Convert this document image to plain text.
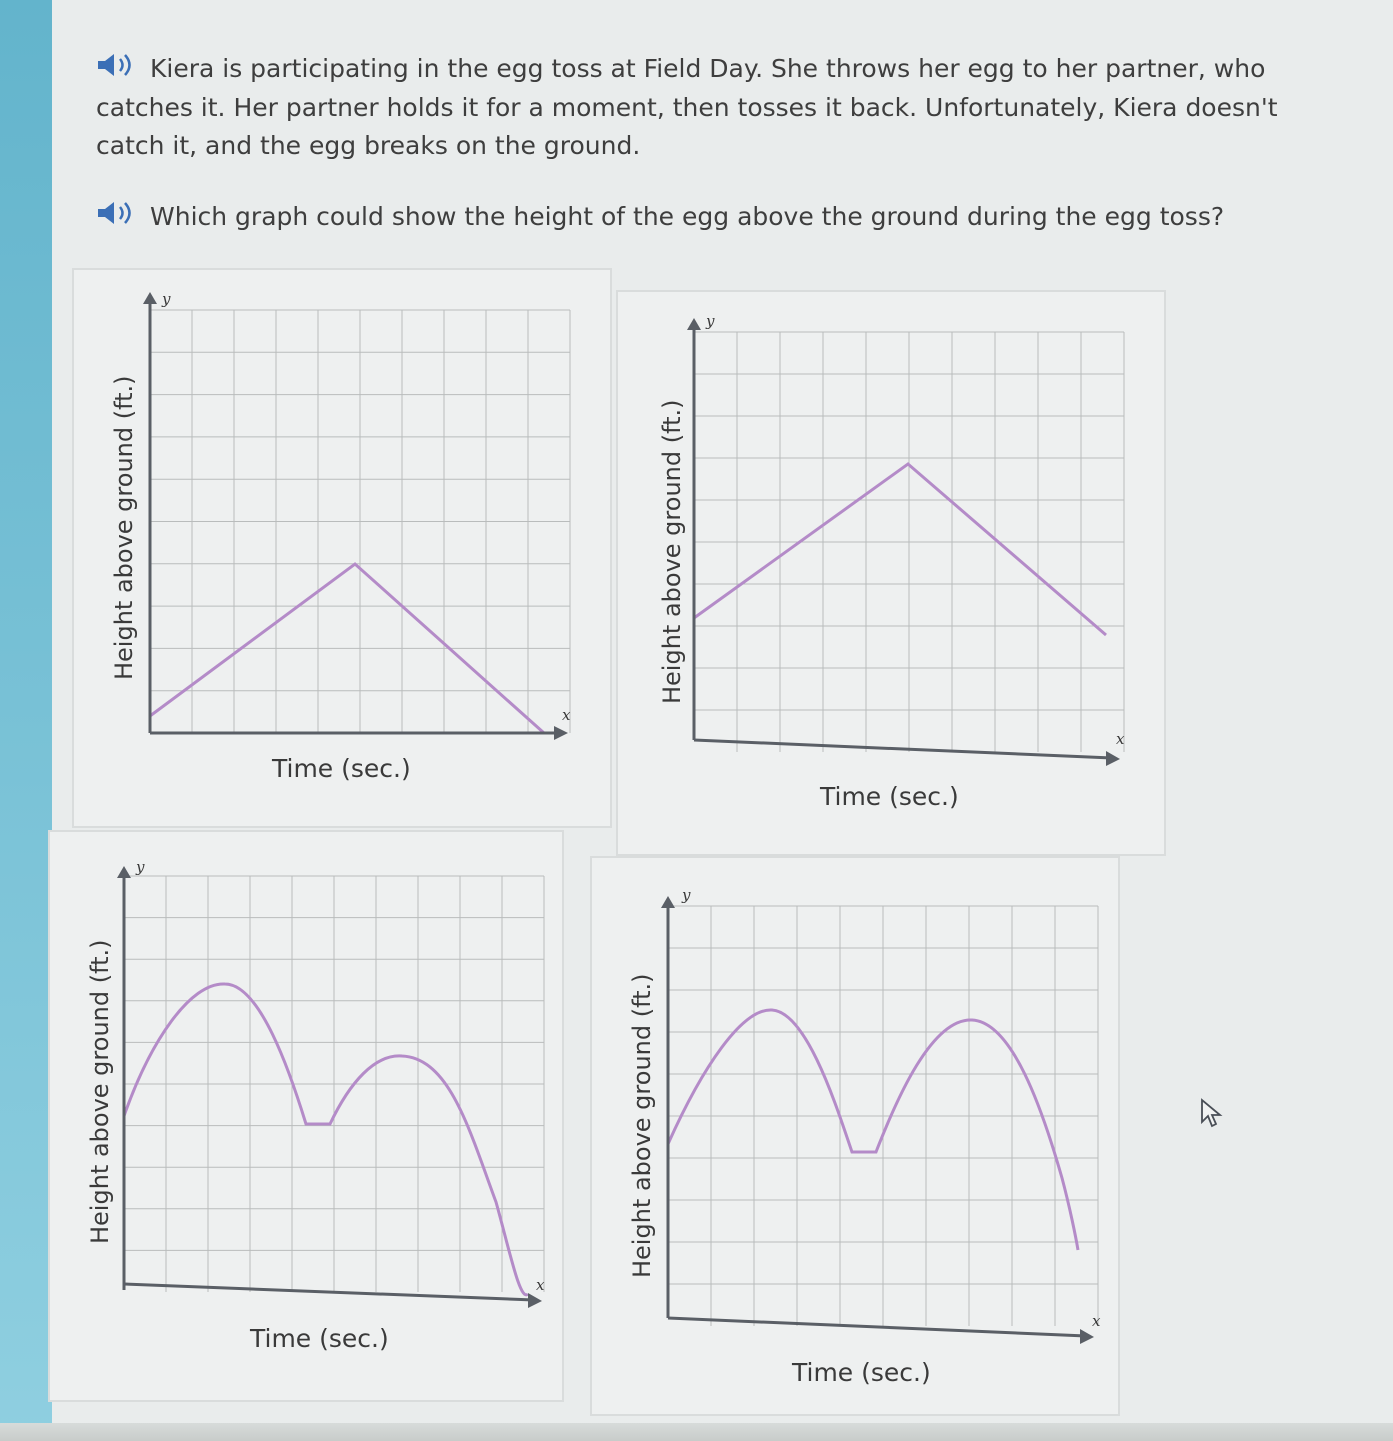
Kiera is participating in the egg toss at Field Day. She throws her egg to her partner, who catches it. Her partner holds it for a moment, then tosses it back. Unfortunately, Kiera doesn't catch it, and the egg breaks on the ground.
Which graph could show the height of the egg above the ground during the egg toss?
y
x
Height above ground (ft.)
Time (sec.)
y
x
Height above ground (ft.)
Time (sec.)
y
x
Height above ground (ft.)
Time (sec.)
y
x
Height above ground (ft.)
Time (sec.)
